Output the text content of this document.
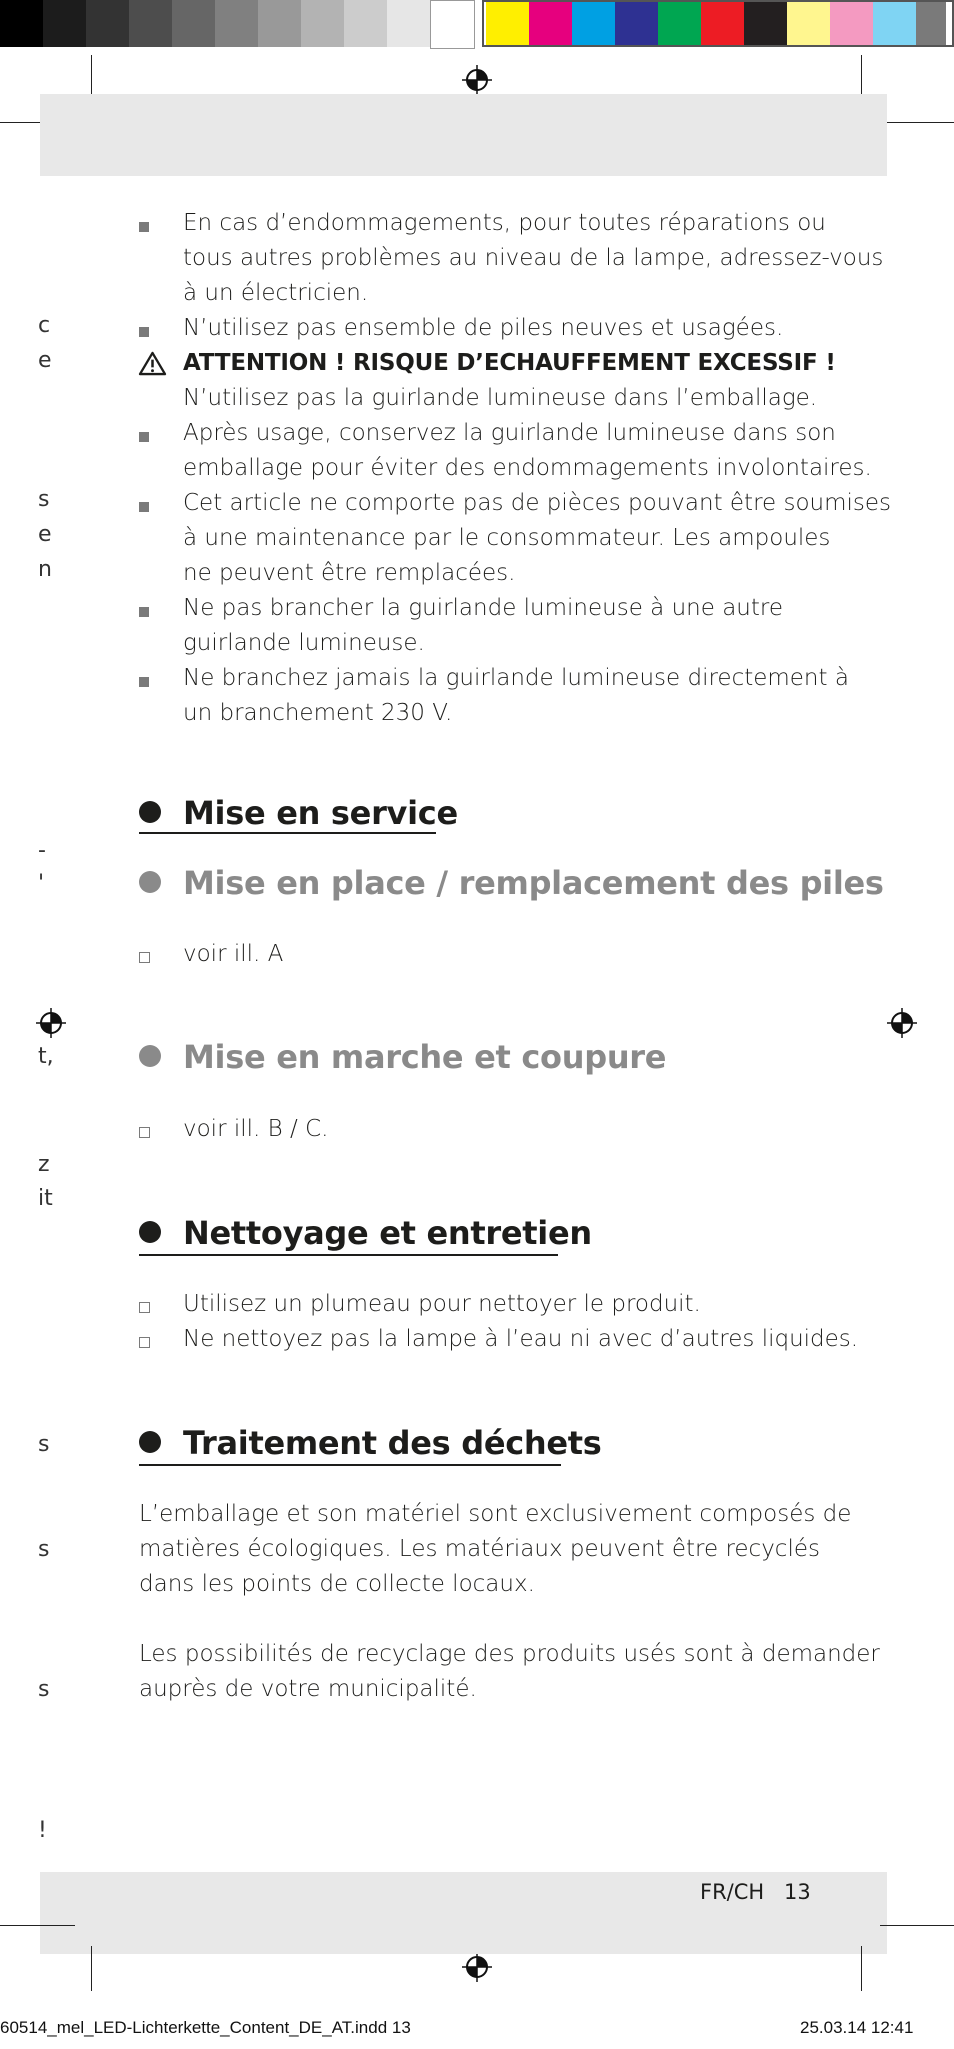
c
e
s
e
n
-
'
t,
z
it
s
s
s
!
En cas d’endommagements, pour toutes réparations ou
tous autres problèmes au niveau de la lampe, adressez-vous
à un électricien.
N’utilisez pas ensemble de piles neuves et usagées.
ATTENTION ! RISQUE D’ECHAUFFEMENT EXCESSIF !
N’utilisez pas la guirlande lumineuse dans l’emballage.
Après usage, conservez la guirlande lumineuse dans son
emballage pour éviter des endommagements involontaires.
Cet article ne comporte pas de pièces pouvant être soumises
à une maintenance par le consommateur. Les ampoules
ne peuvent être remplacées.
Ne pas brancher la guirlande lumineuse à une autre
guirlande lumineuse.
Ne branchez jamais la guirlande lumineuse directement à
un branchement 230 V.
Mise en service
Mise en place / remplacement des piles
voir ill. A
Mise en marche et coupure
voir ill. B / C.
Nettoyage et entretien
Utilisez un plumeau pour nettoyer le produit.
Ne nettoyez pas la lampe à l’eau ni avec d’autres liquides.
Traitement des déchets
L’emballage et son matériel sont exclusivement composés de
matières écologiques. Les matériaux peuvent être recyclés
dans les points de collecte locaux.
Les possibilités de recyclage des produits usés sont à demander
auprès de votre municipalité.
FR/CH 13
60514_mel_LED-Lichterkette_Content_DE_AT.indd 13	25.03.14 12:41
